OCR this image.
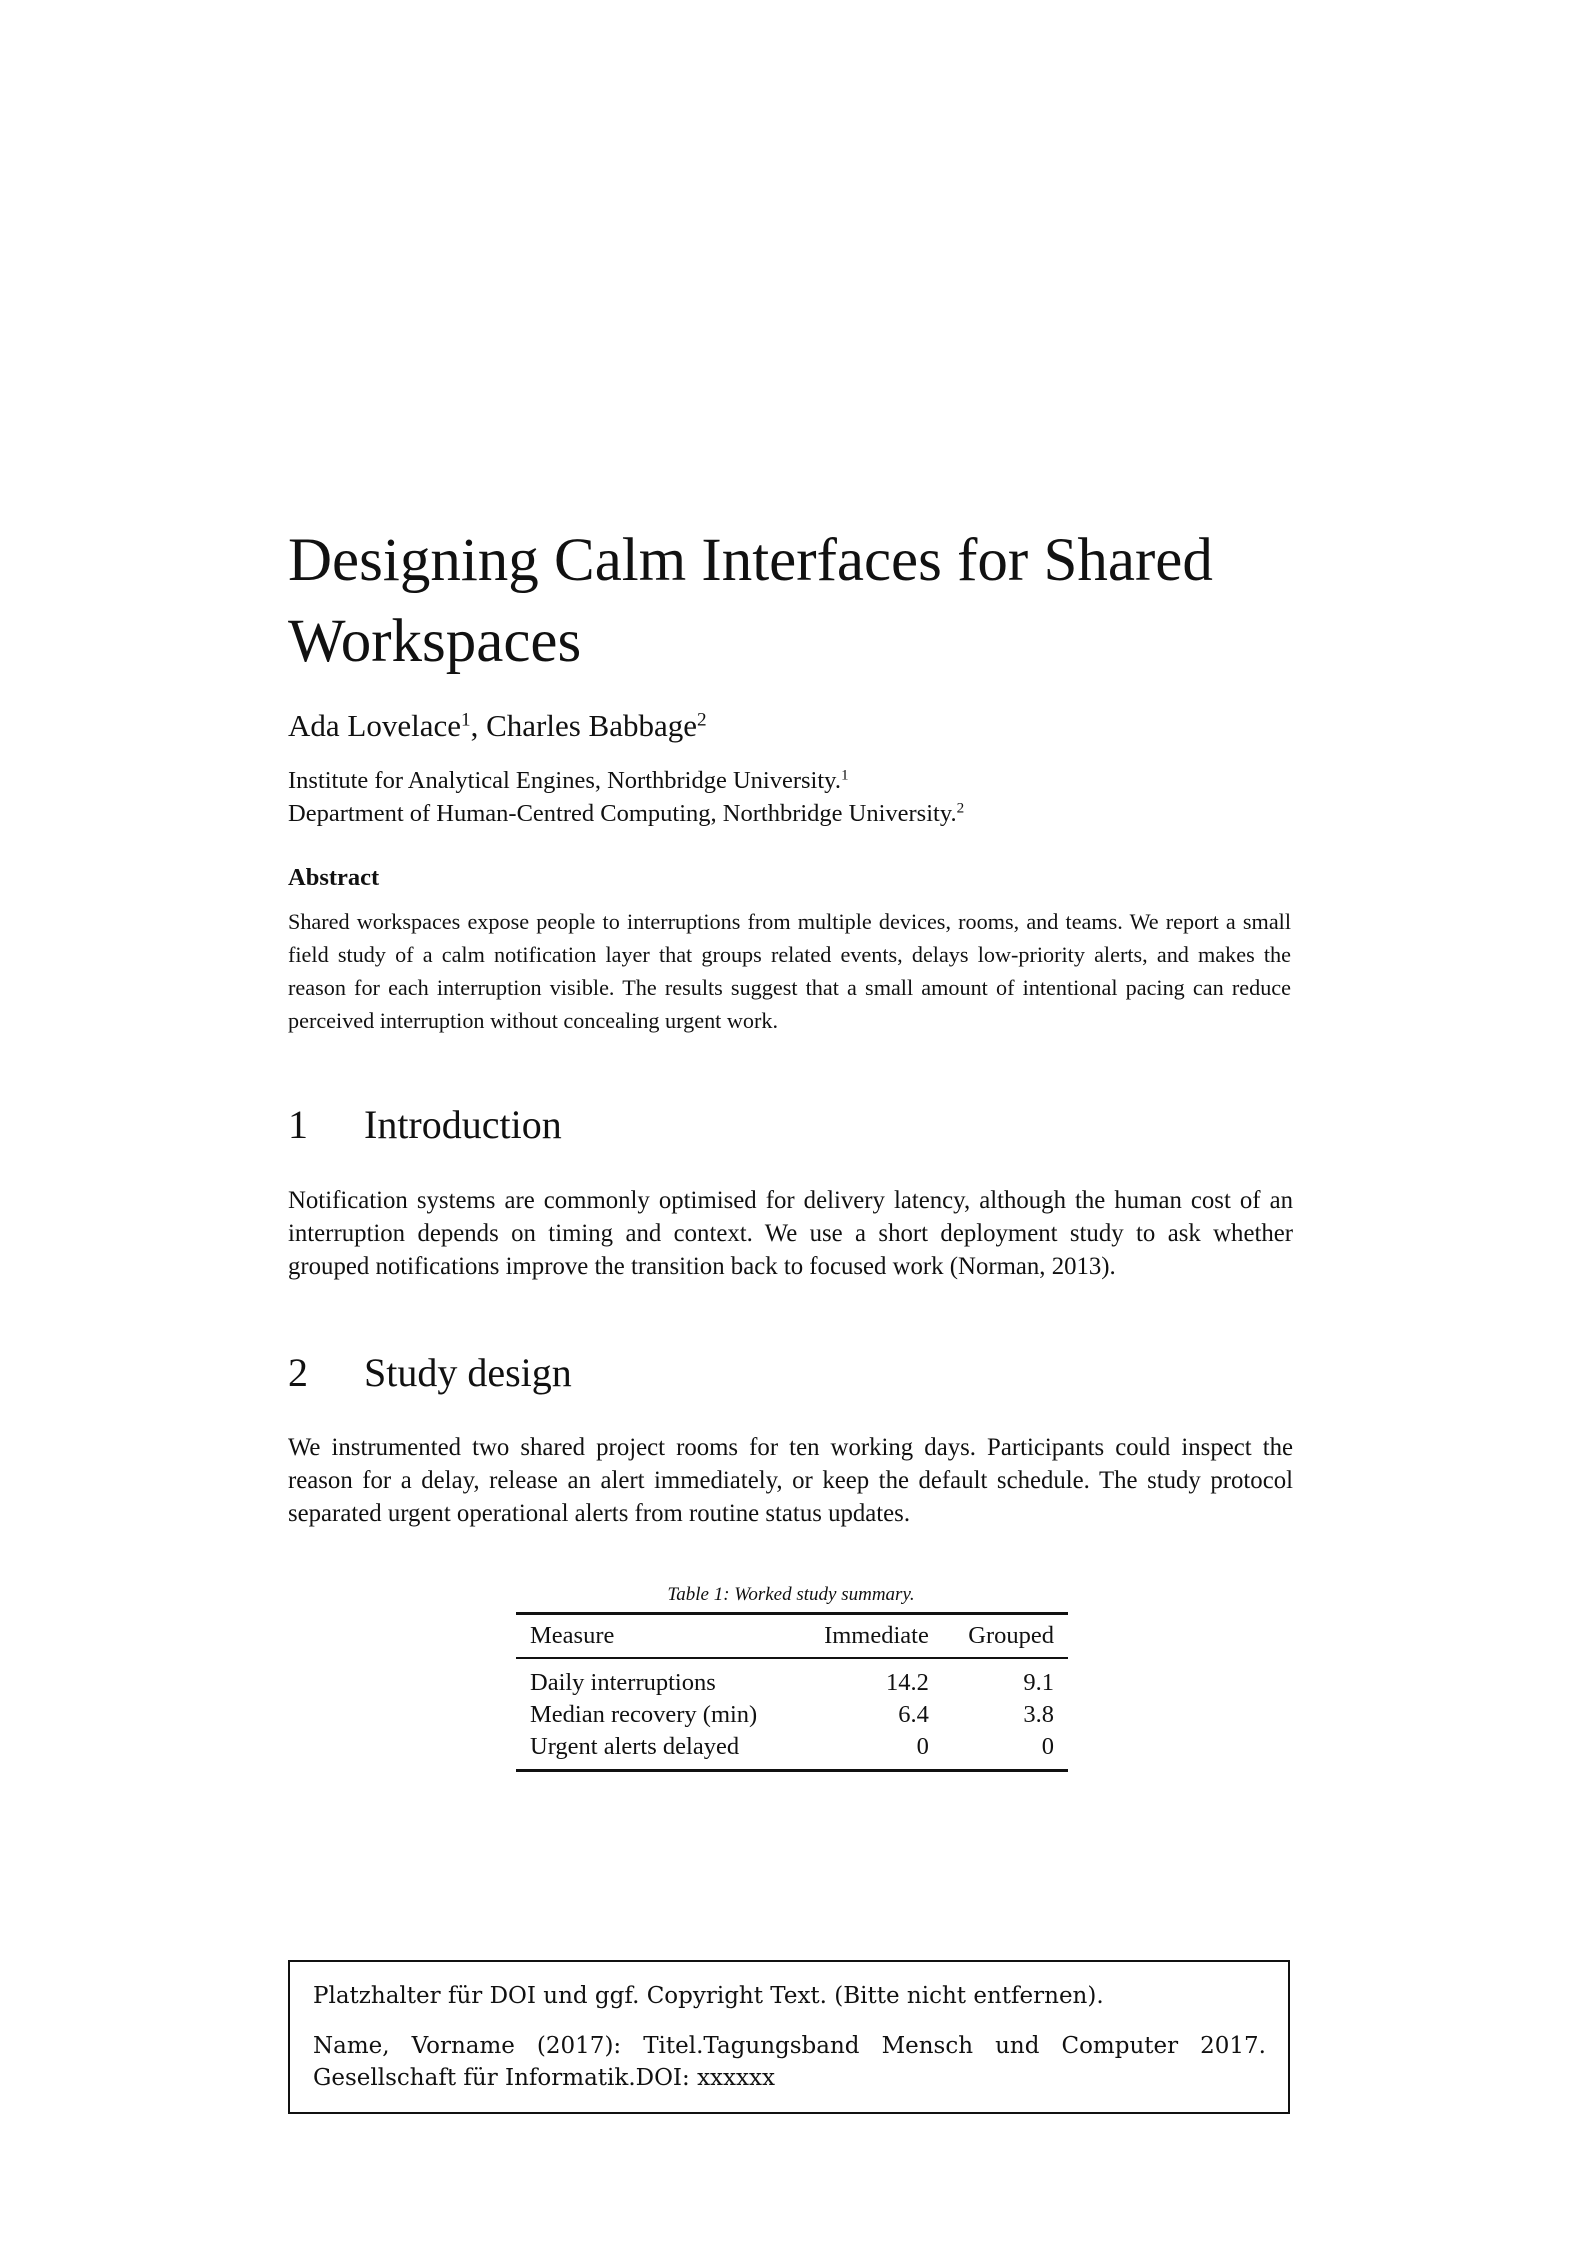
Designing Calm Interfaces for Shared Workspaces
Ada Lovelace$^1$, Charles Babbage$^2$
Institute for Analytical Engines, Northbridge University.$^1$
Department of Human-Centred Computing, Northbridge University.$^2$
Abstract
Shared workspaces expose people to interruptions from multiple devices, rooms, and teams. We report a small field study of a calm notification layer that groups related events, delays low-priority alerts, and makes the reason for each interruption visible. The results suggest that a small amount of intentional pacing can reduce perceived interruption without concealing urgent work.
1 Introduction
Notification systems are commonly optimised for delivery latency, although the human cost of an interruption depends on timing and context. We use a short deployment study to ask whether grouped notifications improve the transition back to focused work (Norman, 2013).
2 Study design
We instrumented two shared project rooms for ten working days. Participants could inspect the reason for a delay, release an alert immediately, or keep the default schedule. The study protocol separated urgent operational alerts from routine status updates.
Table 1: Worked study summary.
Measure	Immediate	Grouped
Daily interruptions	14.2	9.1
Median recovery (min)	6.4	3.8
Urgent alerts delayed	0	0
Platzhalter für DOI und ggf. Copyright Text. (Bitte nicht entfernen).
Name, Vorname (2017): Titel.Tagungsband Mensch und Computer 2017. Gesellschaft für Informatik.DOI: xxxxxx
